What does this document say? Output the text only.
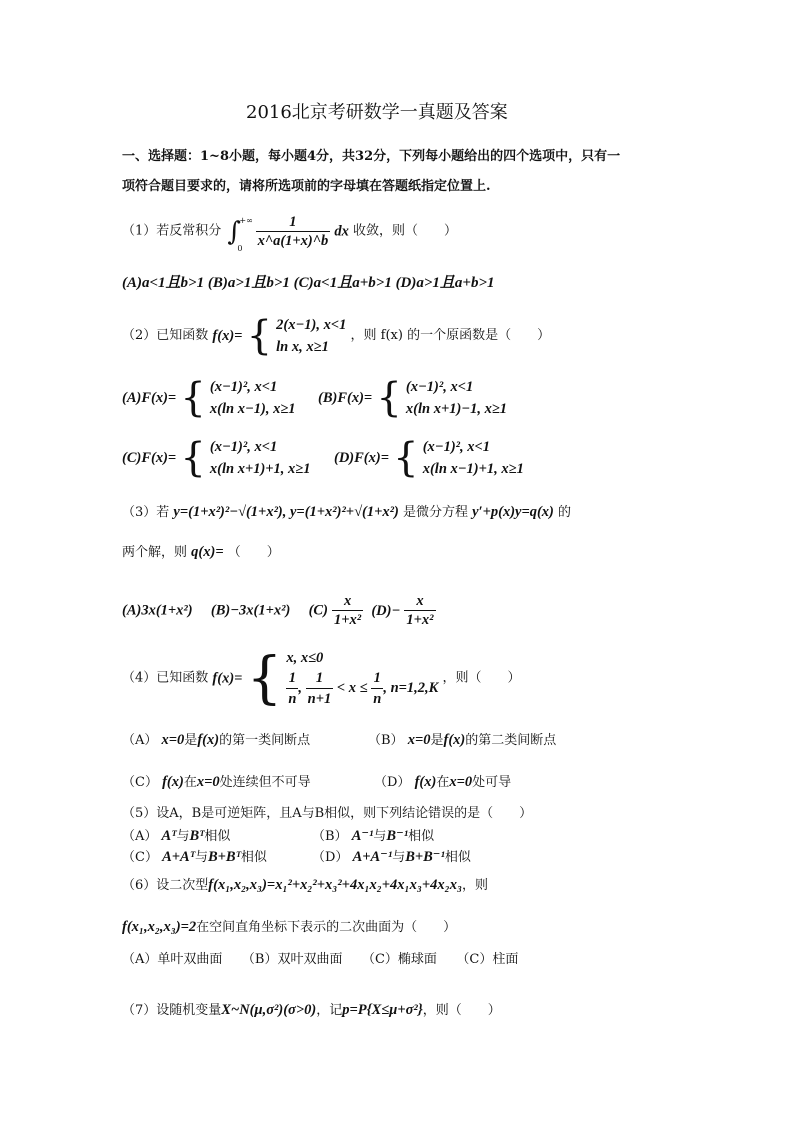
2016北京考研数学一真题及答案
一、选择题：1~8小题，每小题4分，共32分，下列每小题给出的四个选项中，只有一
项符合题目要求的，请将所选项前的字母填在答题纸指定位置上.
（1）若反常积分 ∫
+∞
0
$\frac{1}{x\^{}a(1+x)\^{}b}$ dx 收敛，则（　　）
(A)a<1且b>1 (B)a>1且b>1 (C)a<1且a+b>1 (D)a>1且a+b>1
（2）已知函数 f(x)= { 2(x−1), x<1
ln x, x≥1
，则 f(x) 的一个原函数是（　　）
(A)F(x)= { (x−1)², x<1
x(ln x−1), x≥1
(B)F(x)= { (x−1)², x<1
x(ln x+1)−1, x≥1
(C)F(x)= { (x−1)², x<1
x(ln x+1)+1, x≥1
(D)F(x)= { (x−1)², x<1
x(ln x−1)+1, x≥1
（3）若 y=(1+x²)²−√(1+x²), y=(1+x²)²+√(1+x²) 是微分方程 y′+p(x)y=q(x) 的
两个解，则 q(x)= （　　）
(A)3x(1+x²) (B)−3x(1+x²) $(C) \frac{x}{\text{1+x²}} (D)- \frac{x}{\text{1+x²}}$
（4）已知函数 f(x)= { x, x≤0
$\frac{1}{n}$ , $\frac{1}{n+1} < x \le \frac{1}{n}$ , n=1,2,K
，则（　　）
（A） x=0是f(x)的第一类间断点	（B） x=0是f(x)的第二类间断点
（C） f(x)在x=0处连续但不可导	（D） f(x)在x=0处可导
（5）设A，B是可逆矩阵，且A与B相似，则下列结论错误的是（　　）
（A） Aᵀ与Bᵀ相似	（B） A⁻¹与B⁻¹相似
（C） A+Aᵀ与B+Bᵀ相似	（D） A+A⁻¹与B+B⁻¹相似
（6）设二次型f(x₁,x₂,x₃)=x₁²+x₂²+x₃²+4x₁x₂+4x₁x₃+4x₂x₃，则
f(x₁,x₂,x₃)=2在空间直角坐标下表示的二次曲面为（　　）
（A）单叶双曲面　　（B）双叶双曲面　　（C）椭球面　　（C）柱面
（7）设随机变量X~N(μ,σ²)(σ>0)，记p=P{X≤μ+σ²}，则（　　）
